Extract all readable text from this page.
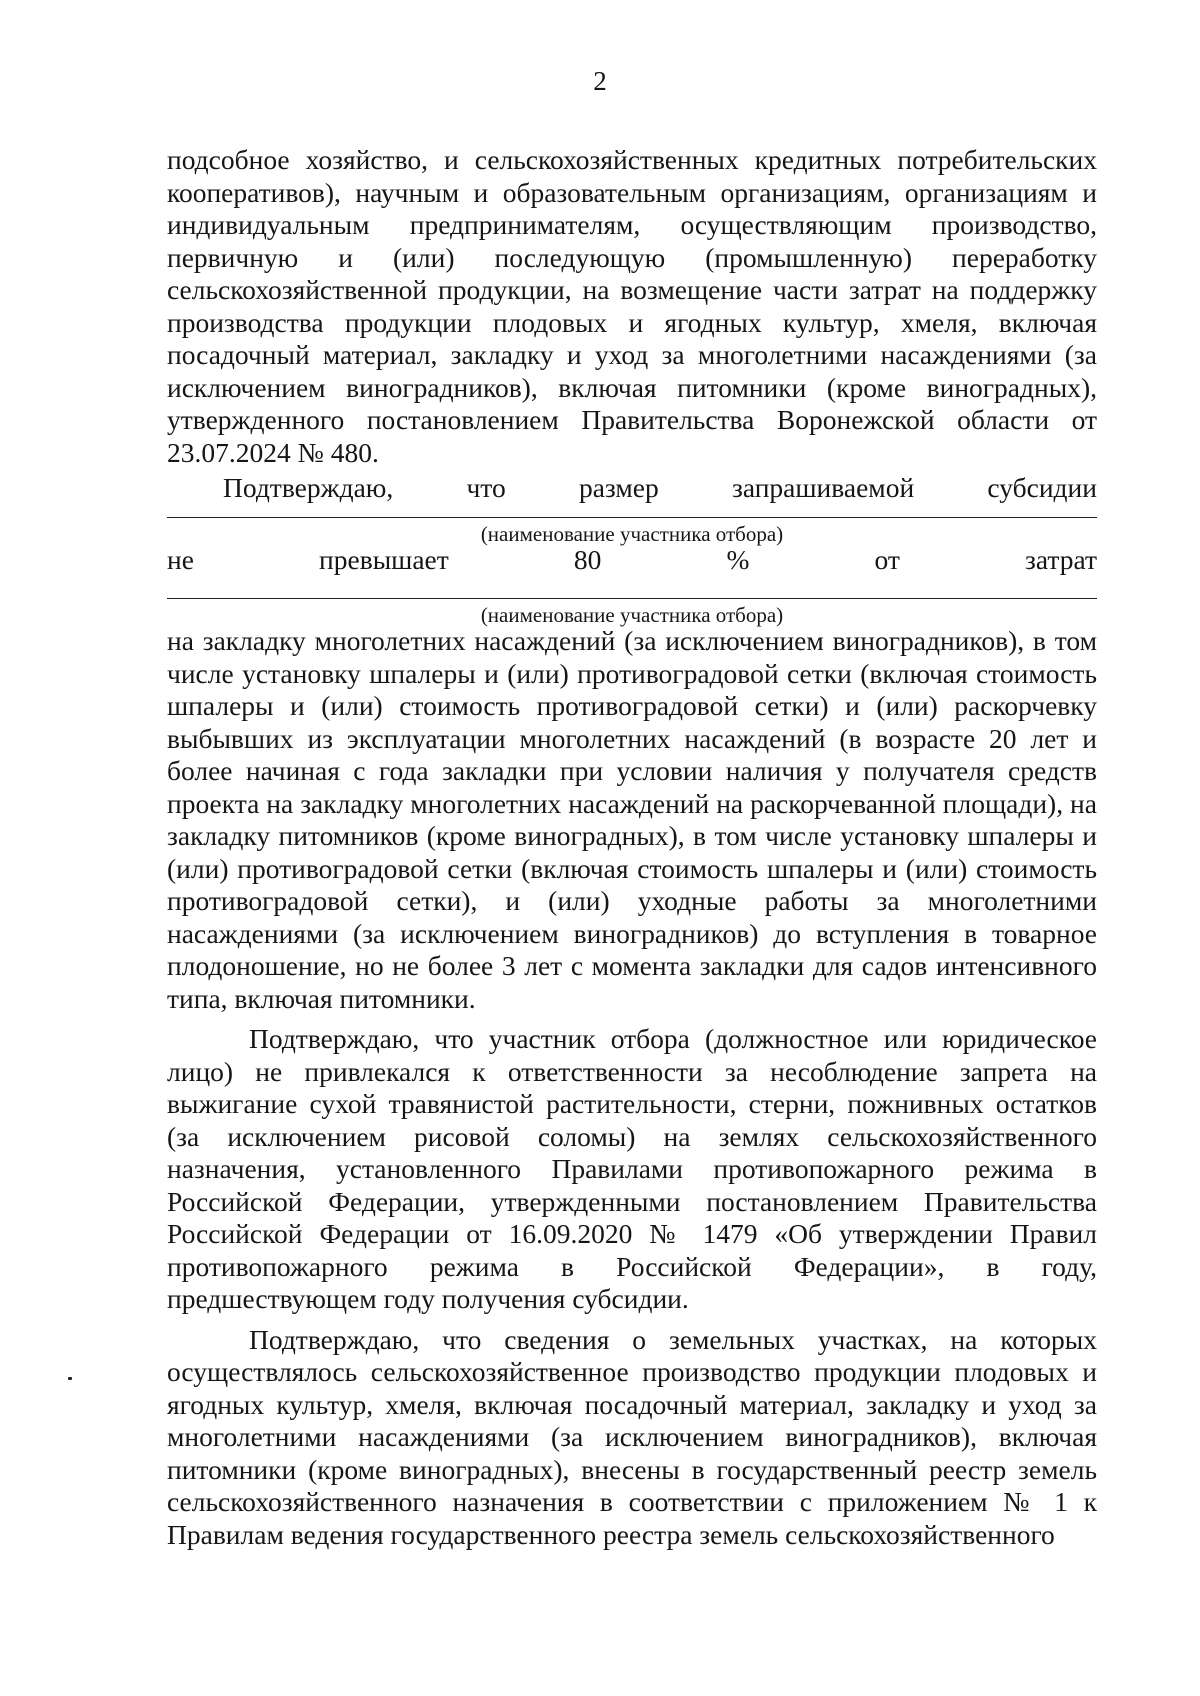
2

подсобное хозяйство, и сельскохозяйственных кредитных потребительских кооперативов), научным и образовательным организациям, организациям и индивидуальным предпринимателям, осуществляющим производство, первичную и (или) последующую (промышленную) переработку сельскохозяйственной продукции, на возмещение части затрат на поддержку производства продукции плодовых и ягодных культур, хмеля, включая посадочный материал, закладку и уход за многолетними насаждениями (за исключением виноградников), включая питомники (кроме виноградных), утвержденного постановлением Правительства Воронежской области от 23.07.2024 № 480.

Подтверждаю,	что	размер	запрашиваемой	субсидии
(наименование участника отбора)
не	превышает	80	%	от	затрат
(наименование участника отбора)

на закладку многолетних насаждений (за исключением виноградников), в том числе установку шпалеры и (или) противоградовой сетки (включая стоимость шпалеры и (или) стоимость противоградовой сетки) и (или) раскорчевку выбывших из эксплуатации многолетних насаждений (в возрасте 20 лет и более начиная с года закладки при условии наличия у получателя средств проекта на закладку многолетних насаждений на раскорчеванной площади), на закладку питомников (кроме виноградных), в том числе установку шпалеры и (или) противоградовой сетки (включая стоимость шпалеры и (или) стоимость противоградовой сетки), и (или) уходные работы за многолетними насаждениями (за исключением виноградников) до вступления в товарное плодоношение, но не более 3 лет с момента закладки для садов интенсивного типа, включая питомники.

Подтверждаю, что участник отбора (должностное или юридическое лицо) не привлекался к ответственности за несоблюдение запрета на выжигание сухой травянистой растительности, стерни, пожнивных остатков (за исключением рисовой соломы) на землях сельскохозяйственного назначения, установленного Правилами противопожарного режима в Российской Федерации, утвержденными постановлением Правительства Российской Федерации от 16.09.2020 № 1479 «Об утверждении Правил противопожарного режима в Российской Федерации», в году, предшествующем году получения субсидии.

Подтверждаю, что сведения о земельных участках, на которых осуществлялось сельскохозяйственное производство продукции плодовых и ягодных культур, хмеля, включая посадочный материал, закладку и уход за многолетними насаждениями (за исключением виноградников), включая питомники (кроме виноградных), внесены в государственный реестр земель сельскохозяйственного назначения в соответствии с приложением № 1 к Правилам ведения государственного реестра земель сельскохозяйственного
